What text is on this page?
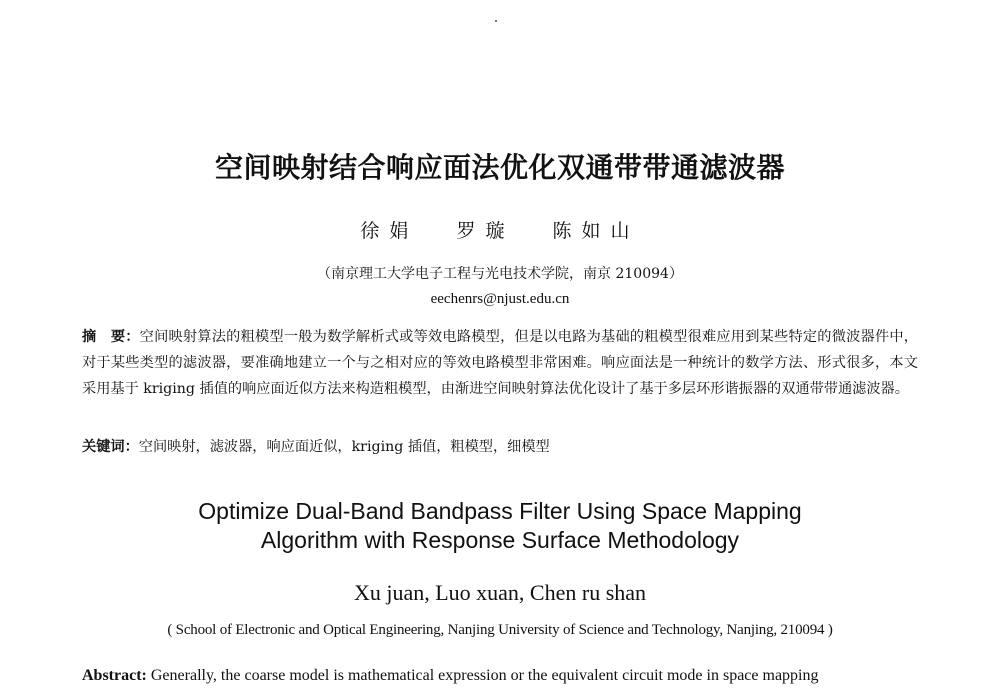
空间映射结合响应面法优化双通带带通滤波器
徐娟 罗璇 陈如山
（南京理工大学电子工程与光电技术学院，南京 210094）
eechenrs@njust.edu.cn
摘　要：空间映射算法的粗模型一般为数学解析式或等效电路模型，但是以电路为基础的粗模型很难应用到某些特定的微波器件中，对于某些类型的滤波器，要准确地建立一个与之相对应的等效电路模型非常困难。响应面法是一种统计的数学方法、形式很多，本文采用基于 kriging 插值的响应面近似方法来构造粗模型，由渐进空间映射算法优化设计了基于多层环形谐振器的双通带带通滤波器。
关键词：空间映射，滤波器，响应面近似，kriging 插值，粗模型，细模型
Optimize Dual-Band Bandpass Filter Using Space Mapping
Algorithm with Response Surface Methodology
Xu juan, Luo xuan, Chen ru shan
( School of Electronic and Optical Engineering, Nanjing University of Science and Technology, Nanjing, 210094 )
Abstract: Generally, the coarse model is mathematical expression or the equivalent circuit mode in space mapping
